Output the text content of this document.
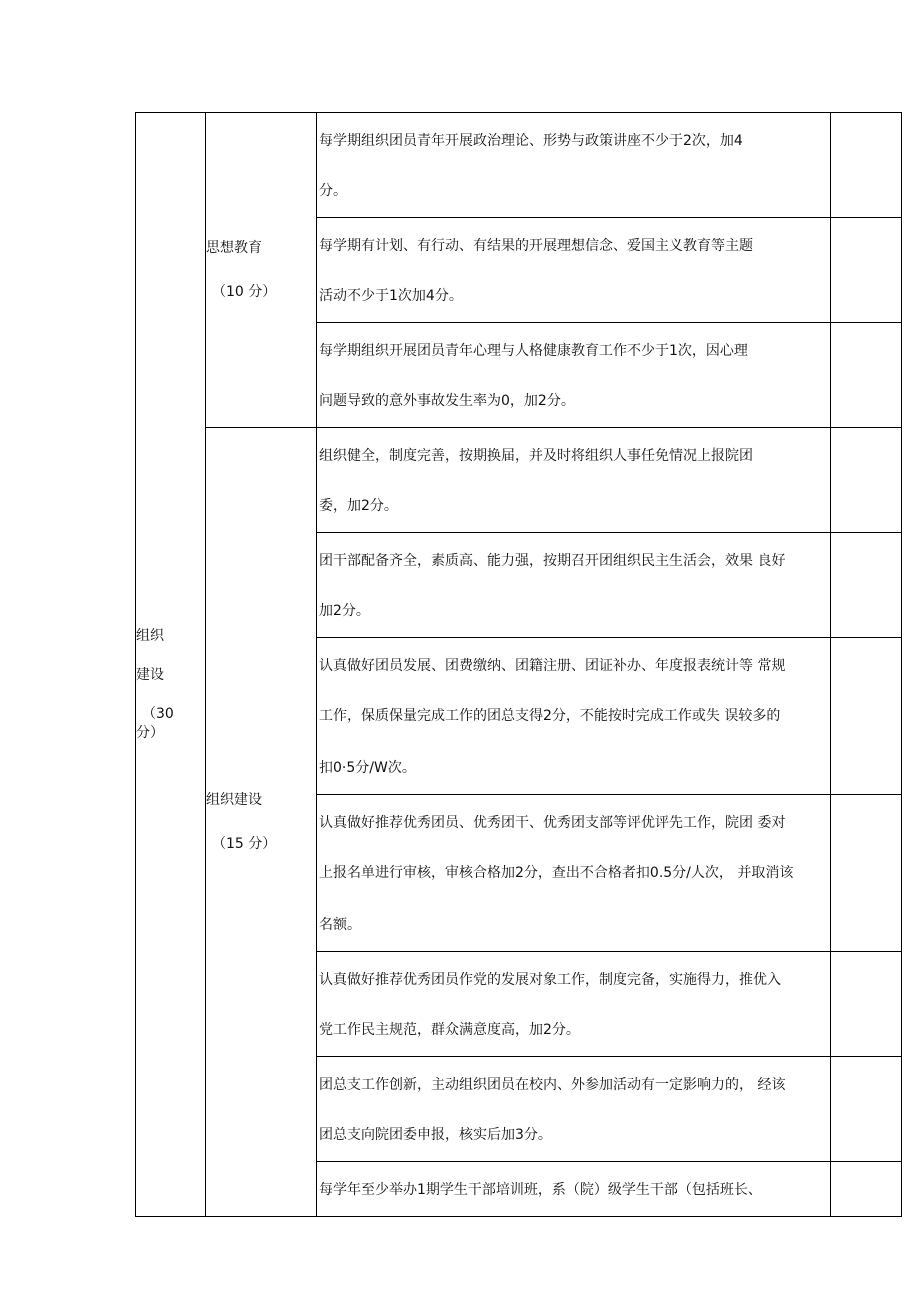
组织
建设
（30
分）	思想教育
（10 分）	每学期组织团员青年开展政治理论、形势与政策讲座不少于2次，加4
分。	

		每学期有计划、有行动、有结果的开展理想信念、爱国主义教育等主题
活动不少于1次加4分。	

		每学期组织开展团员青年心理与人格健康教育工作不少于1次，因心理
问题导致的意外事故发生率为0，加2分。	

	组织建设
（15 分）	组织健全，制度完善，按期换届，并及时将组织人事任免情况上报院团
委，加2分。	

		团干部配备齐全，素质高、能力强，按期召开团组织民主生活会，效果 良好
加2分。	

		认真做好团员发展、团费缴纳、团籍注册、团证补办、年度报表统计等 常规
工作，保质保量完成工作的团总支得2分，不能按时完成工作或失 误较多的
扣0·5分/W次。	

		认真做好推荐优秀团员、优秀团干、优秀团支部等评优评先工作，院团 委对
上报名单进行审核，审核合格加2分，查出不合格者扣0.5分/人次， 并取消该
名额。	

		认真做好推荐优秀团员作党的发展对象工作，制度完备，实施得力，推优入
党工作民主规范，群众满意度高，加2分。	

		团总支工作创新，主动组织团员在校内、外参加活动有一定影响力的， 经该
团总支向院团委申报，核实后加3分。	

		每学年至少举办1期学生干部培训班，系（院）级学生干部（包括班长、	
